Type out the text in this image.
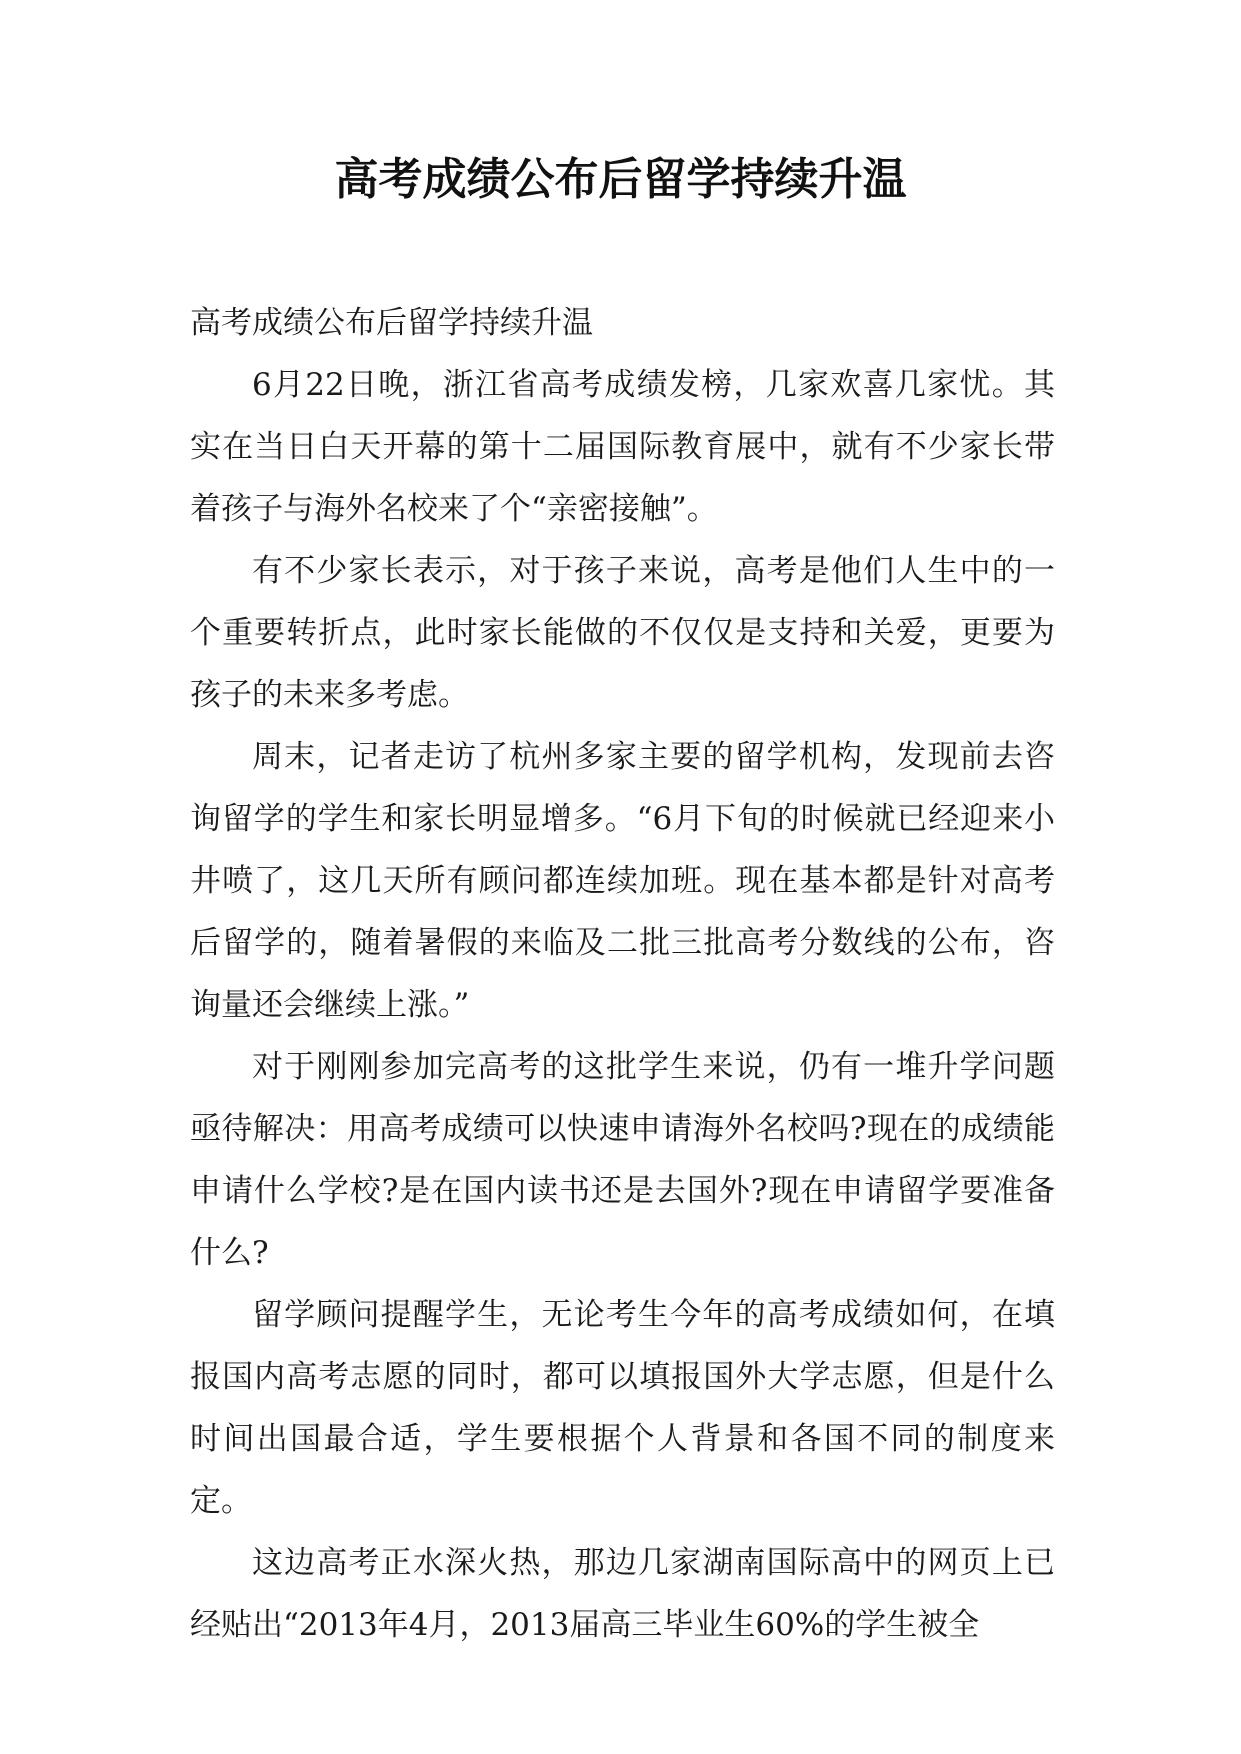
高考成绩公布后留学持续升温

高考成绩公布后留学持续升温

6月22日晚，浙江省高考成绩发榜，几家欢喜几家忧。其实在当日白天开幕的第十二届国际教育展中，就有不少家长带着孩子与海外名校来了个“亲密接触”。

有不少家长表示，对于孩子来说，高考是他们人生中的一个重要转折点，此时家长能做的不仅仅是支持和关爱，更要为孩子的未来多考虑。

周末，记者走访了杭州多家主要的留学机构，发现前去咨询留学的学生和家长明显增多。“6月下旬的时候就已经迎来小井喷了，这几天所有顾问都连续加班。现在基本都是针对高考后留学的，随着暑假的来临及二批三批高考分数线的公布，咨询量还会继续上涨。”

对于刚刚参加完高考的这批学生来说，仍有一堆升学问题亟待解决：用高考成绩可以快速申请海外名校吗?现在的成绩能申请什么学校?是在国内读书还是去国外?现在申请留学要准备什么?

留学顾问提醒学生，无论考生今年的高考成绩如何，在填报国内高考志愿的同时，都可以填报国外大学志愿，但是什么时间出国最合适，学生要根据个人背景和各国不同的制度来定。

这边高考正水深火热，那边几家湖南国际高中的网页上已经贴出“2013年4月，2013届高三毕业生60%的学生被全
